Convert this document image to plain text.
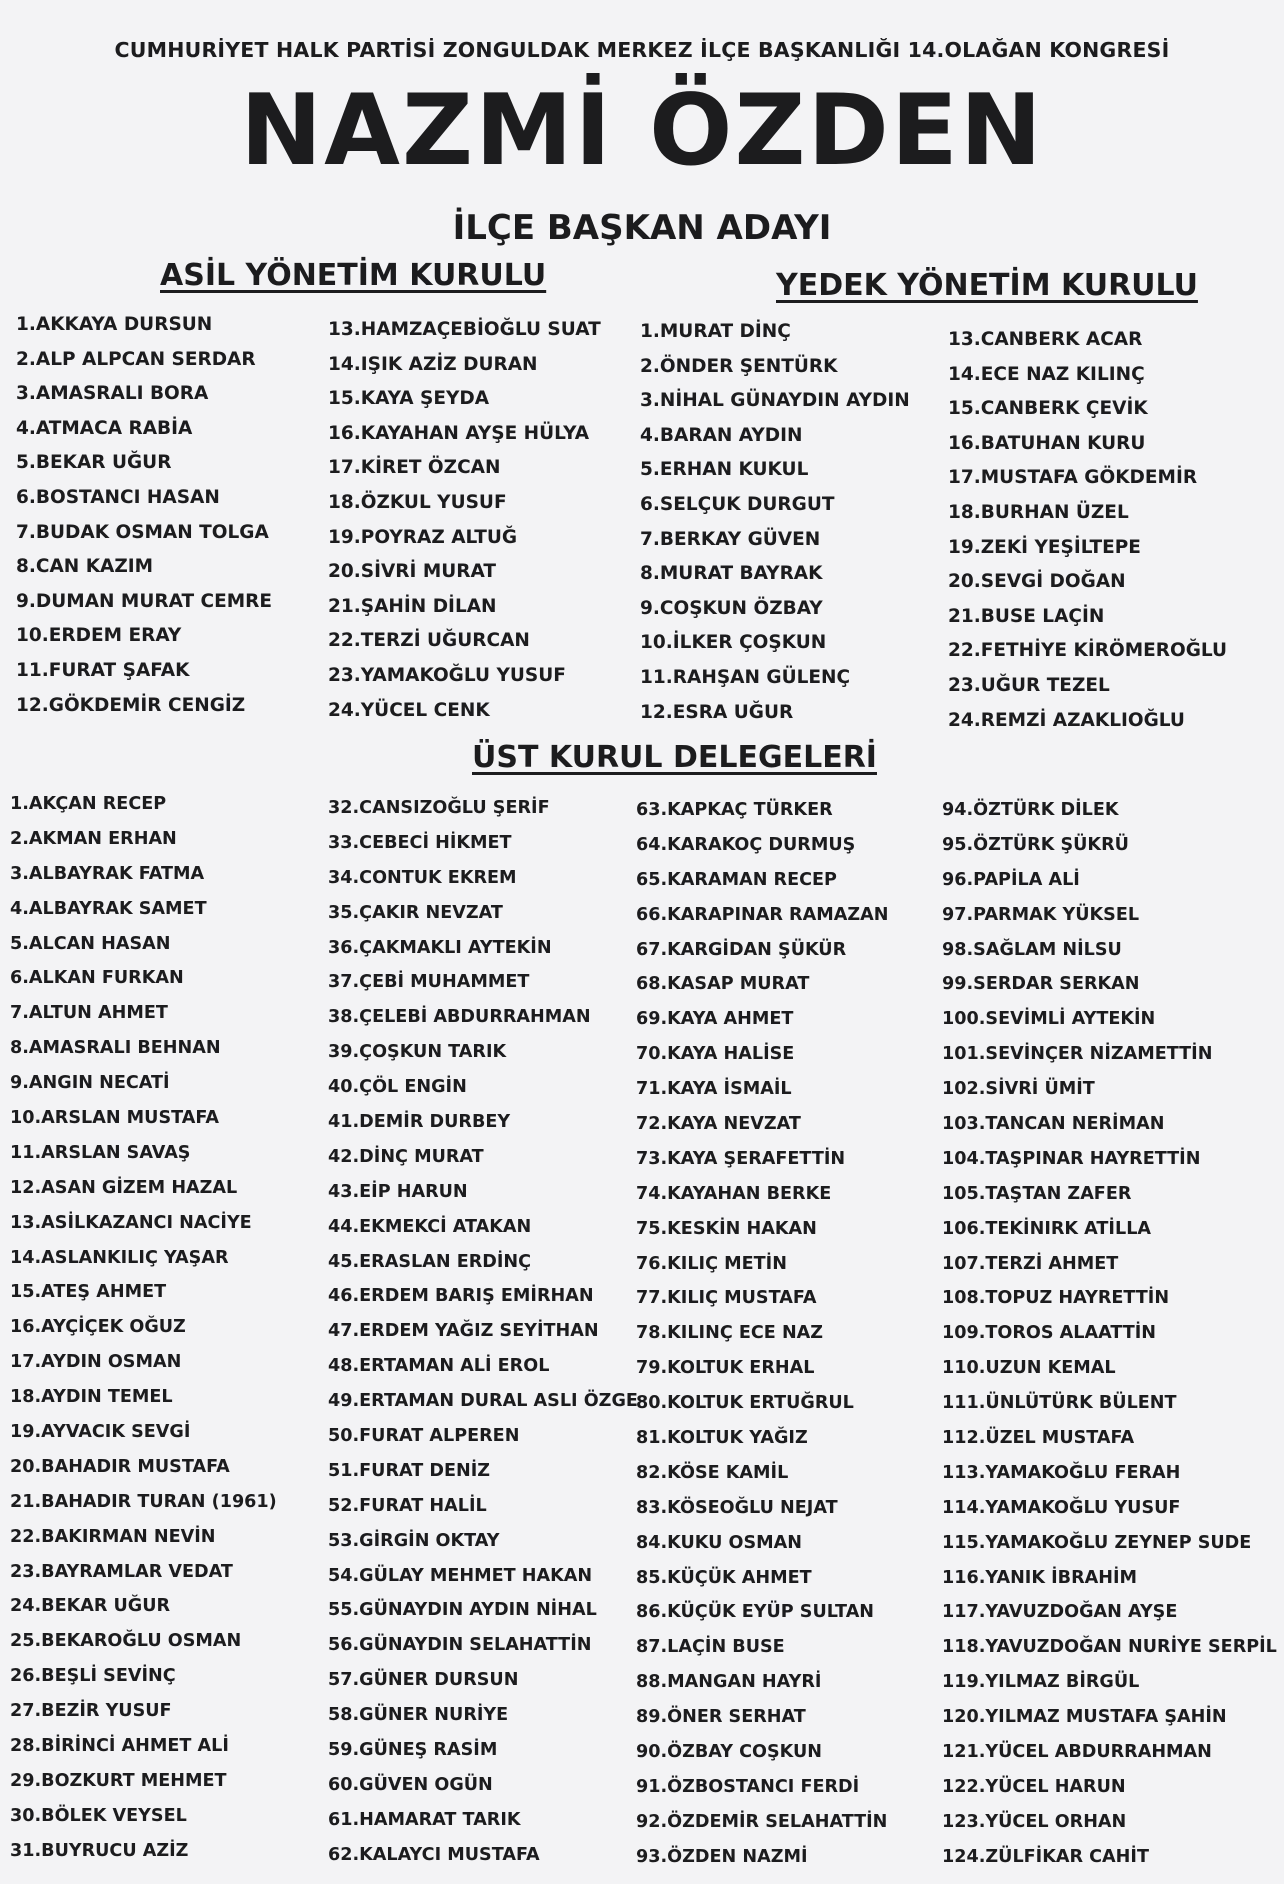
CUMHURİYET HALK PARTİSİ ZONGULDAK MERKEZ İLÇE BAŞKANLIĞI 14.OLAĞAN KONGRESİ
NAZMİ ÖZDEN
İLÇE BAŞKAN ADAYI
ASİL YÖNETİM KURULU	YEDEK YÖNETİM KURULU
1.AKKAYA DURSUN
2.ALP ALPCAN SERDAR
3.AMASRALI BORA
4.ATMACA RABİA
5.BEKAR UĞUR
6.BOSTANCI HASAN
7.BUDAK OSMAN TOLGA
8.CAN KAZIM
9.DUMAN MURAT CEMRE
10.ERDEM ERAY
11.FURAT ŞAFAK
12.GÖKDEMİR CENGİZ
13.HAMZAÇEBİOĞLU SUAT
14.IŞIK AZİZ DURAN
15.KAYA ŞEYDA
16.KAYAHAN AYŞE HÜLYA
17.KİRET ÖZCAN
18.ÖZKUL YUSUF
19.POYRAZ ALTUĞ
20.SİVRİ MURAT
21.ŞAHİN DİLAN
22.TERZİ UĞURCAN
23.YAMAKOĞLU YUSUF
24.YÜCEL CENK
1.MURAT DİNÇ
2.ÖNDER ŞENTÜRK
3.NİHAL GÜNAYDIN AYDIN
4.BARAN AYDIN
5.ERHAN KUKUL
6.SELÇUK DURGUT
7.BERKAY GÜVEN
8.MURAT BAYRAK
9.COŞKUN ÖZBAY
10.İLKER ÇOŞKUN
11.RAHŞAN GÜLENÇ
12.ESRA UĞUR
13.CANBERK ACAR
14.ECE NAZ KILINÇ
15.CANBERK ÇEVİK
16.BATUHAN KURU
17.MUSTAFA GÖKDEMİR
18.BURHAN ÜZEL
19.ZEKİ YEŞİLTEPE
20.SEVGİ DOĞAN
21.BUSE LAÇİN
22.FETHİYE KİRÖMEROĞLU
23.UĞUR TEZEL
24.REMZİ AZAKLIOĞLU
ÜST KURUL DELEGELERİ
1.AKÇAN RECEP
2.AKMAN ERHAN
3.ALBAYRAK FATMA
4.ALBAYRAK SAMET
5.ALCAN HASAN
6.ALKAN FURKAN
7.ALTUN AHMET
8.AMASRALI BEHNAN
9.ANGIN NECATİ
10.ARSLAN MUSTAFA
11.ARSLAN SAVAŞ
12.ASAN GİZEM HAZAL
13.ASİLKAZANCI NACİYE
14.ASLANKILIÇ YAŞAR
15.ATEŞ AHMET
16.AYÇİÇEK OĞUZ
17.AYDIN OSMAN
18.AYDIN TEMEL
19.AYVACIK SEVGİ
20.BAHADIR MUSTAFA
21.BAHADIR TURAN (1961)
22.BAKIRMAN NEVİN
23.BAYRAMLAR VEDAT
24.BEKAR UĞUR
25.BEKAROĞLU OSMAN
26.BEŞLİ SEVİNÇ
27.BEZİR YUSUF
28.BİRİNCİ AHMET ALİ
29.BOZKURT MEHMET
30.BÖLEK VEYSEL
31.BUYRUCU AZİZ
32.CANSIZOĞLU ŞERİF
33.CEBECİ HİKMET
34.CONTUK EKREM
35.ÇAKIR NEVZAT
36.ÇAKMAKLI AYTEKİN
37.ÇEBİ MUHAMMET
38.ÇELEBİ ABDURRAHMAN
39.ÇOŞKUN TARIK
40.ÇÖL ENGİN
41.DEMİR DURBEY
42.DİNÇ MURAT
43.EİP HARUN
44.EKMEKCİ ATAKAN
45.ERASLAN ERDİNÇ
46.ERDEM BARIŞ EMİRHAN
47.ERDEM YAĞIZ SEYİTHAN
48.ERTAMAN ALİ EROL
49.ERTAMAN DURAL ASLI ÖZGE
50.FURAT ALPEREN
51.FURAT DENİZ
52.FURAT HALİL
53.GİRGİN OKTAY
54.GÜLAY MEHMET HAKAN
55.GÜNAYDIN AYDIN NİHAL
56.GÜNAYDIN SELAHATTİN
57.GÜNER DURSUN
58.GÜNER NURİYE
59.GÜNEŞ RASİM
60.GÜVEN OGÜN
61.HAMARAT TARIK
62.KALAYCI MUSTAFA
63.KAPKAÇ TÜRKER
64.KARAKOÇ DURMUŞ
65.KARAMAN RECEP
66.KARAPINAR RAMAZAN
67.KARGİDAN ŞÜKÜR
68.KASAP MURAT
69.KAYA AHMET
70.KAYA HALİSE
71.KAYA İSMAİL
72.KAYA NEVZAT
73.KAYA ŞERAFETTİN
74.KAYAHAN BERKE
75.KESKİN HAKAN
76.KILIÇ METİN
77.KILIÇ MUSTAFA
78.KILINÇ ECE NAZ
79.KOLTUK ERHAL
80.KOLTUK ERTUĞRUL
81.KOLTUK YAĞIZ
82.KÖSE KAMİL
83.KÖSEOĞLU NEJAT
84.KUKU OSMAN
85.KÜÇÜK AHMET
86.KÜÇÜK EYÜP SULTAN
87.LAÇİN BUSE
88.MANGAN HAYRİ
89.ÖNER SERHAT
90.ÖZBAY COŞKUN
91.ÖZBOSTANCI FERDİ
92.ÖZDEMİR SELAHATTİN
93.ÖZDEN NAZMİ
94.ÖZTÜRK DİLEK
95.ÖZTÜRK ŞÜKRÜ
96.PAPİLA ALİ
97.PARMAK YÜKSEL
98.SAĞLAM NİLSU
99.SERDAR SERKAN
100.SEVİMLİ AYTEKİN
101.SEVİNÇER NİZAMETTİN
102.SİVRİ ÜMİT
103.TANCAN NERİMAN
104.TAŞPINAR HAYRETTİN
105.TAŞTAN ZAFER
106.TEKİNIRK ATİLLA
107.TERZİ AHMET
108.TOPUZ HAYRETTİN
109.TOROS ALAATTİN
110.UZUN KEMAL
111.ÜNLÜTÜRK BÜLENT
112.ÜZEL MUSTAFA
113.YAMAKOĞLU FERAH
114.YAMAKOĞLU YUSUF
115.YAMAKOĞLU ZEYNEP SUDE
116.YANIK İBRAHİM
117.YAVUZDOĞAN AYŞE
118.YAVUZDOĞAN NURİYE SERPİL
119.YILMAZ BİRGÜL
120.YILMAZ MUSTAFA ŞAHİN
121.YÜCEL ABDURRAHMAN
122.YÜCEL HARUN
123.YÜCEL ORHAN
124.ZÜLFİKAR CAHİT
